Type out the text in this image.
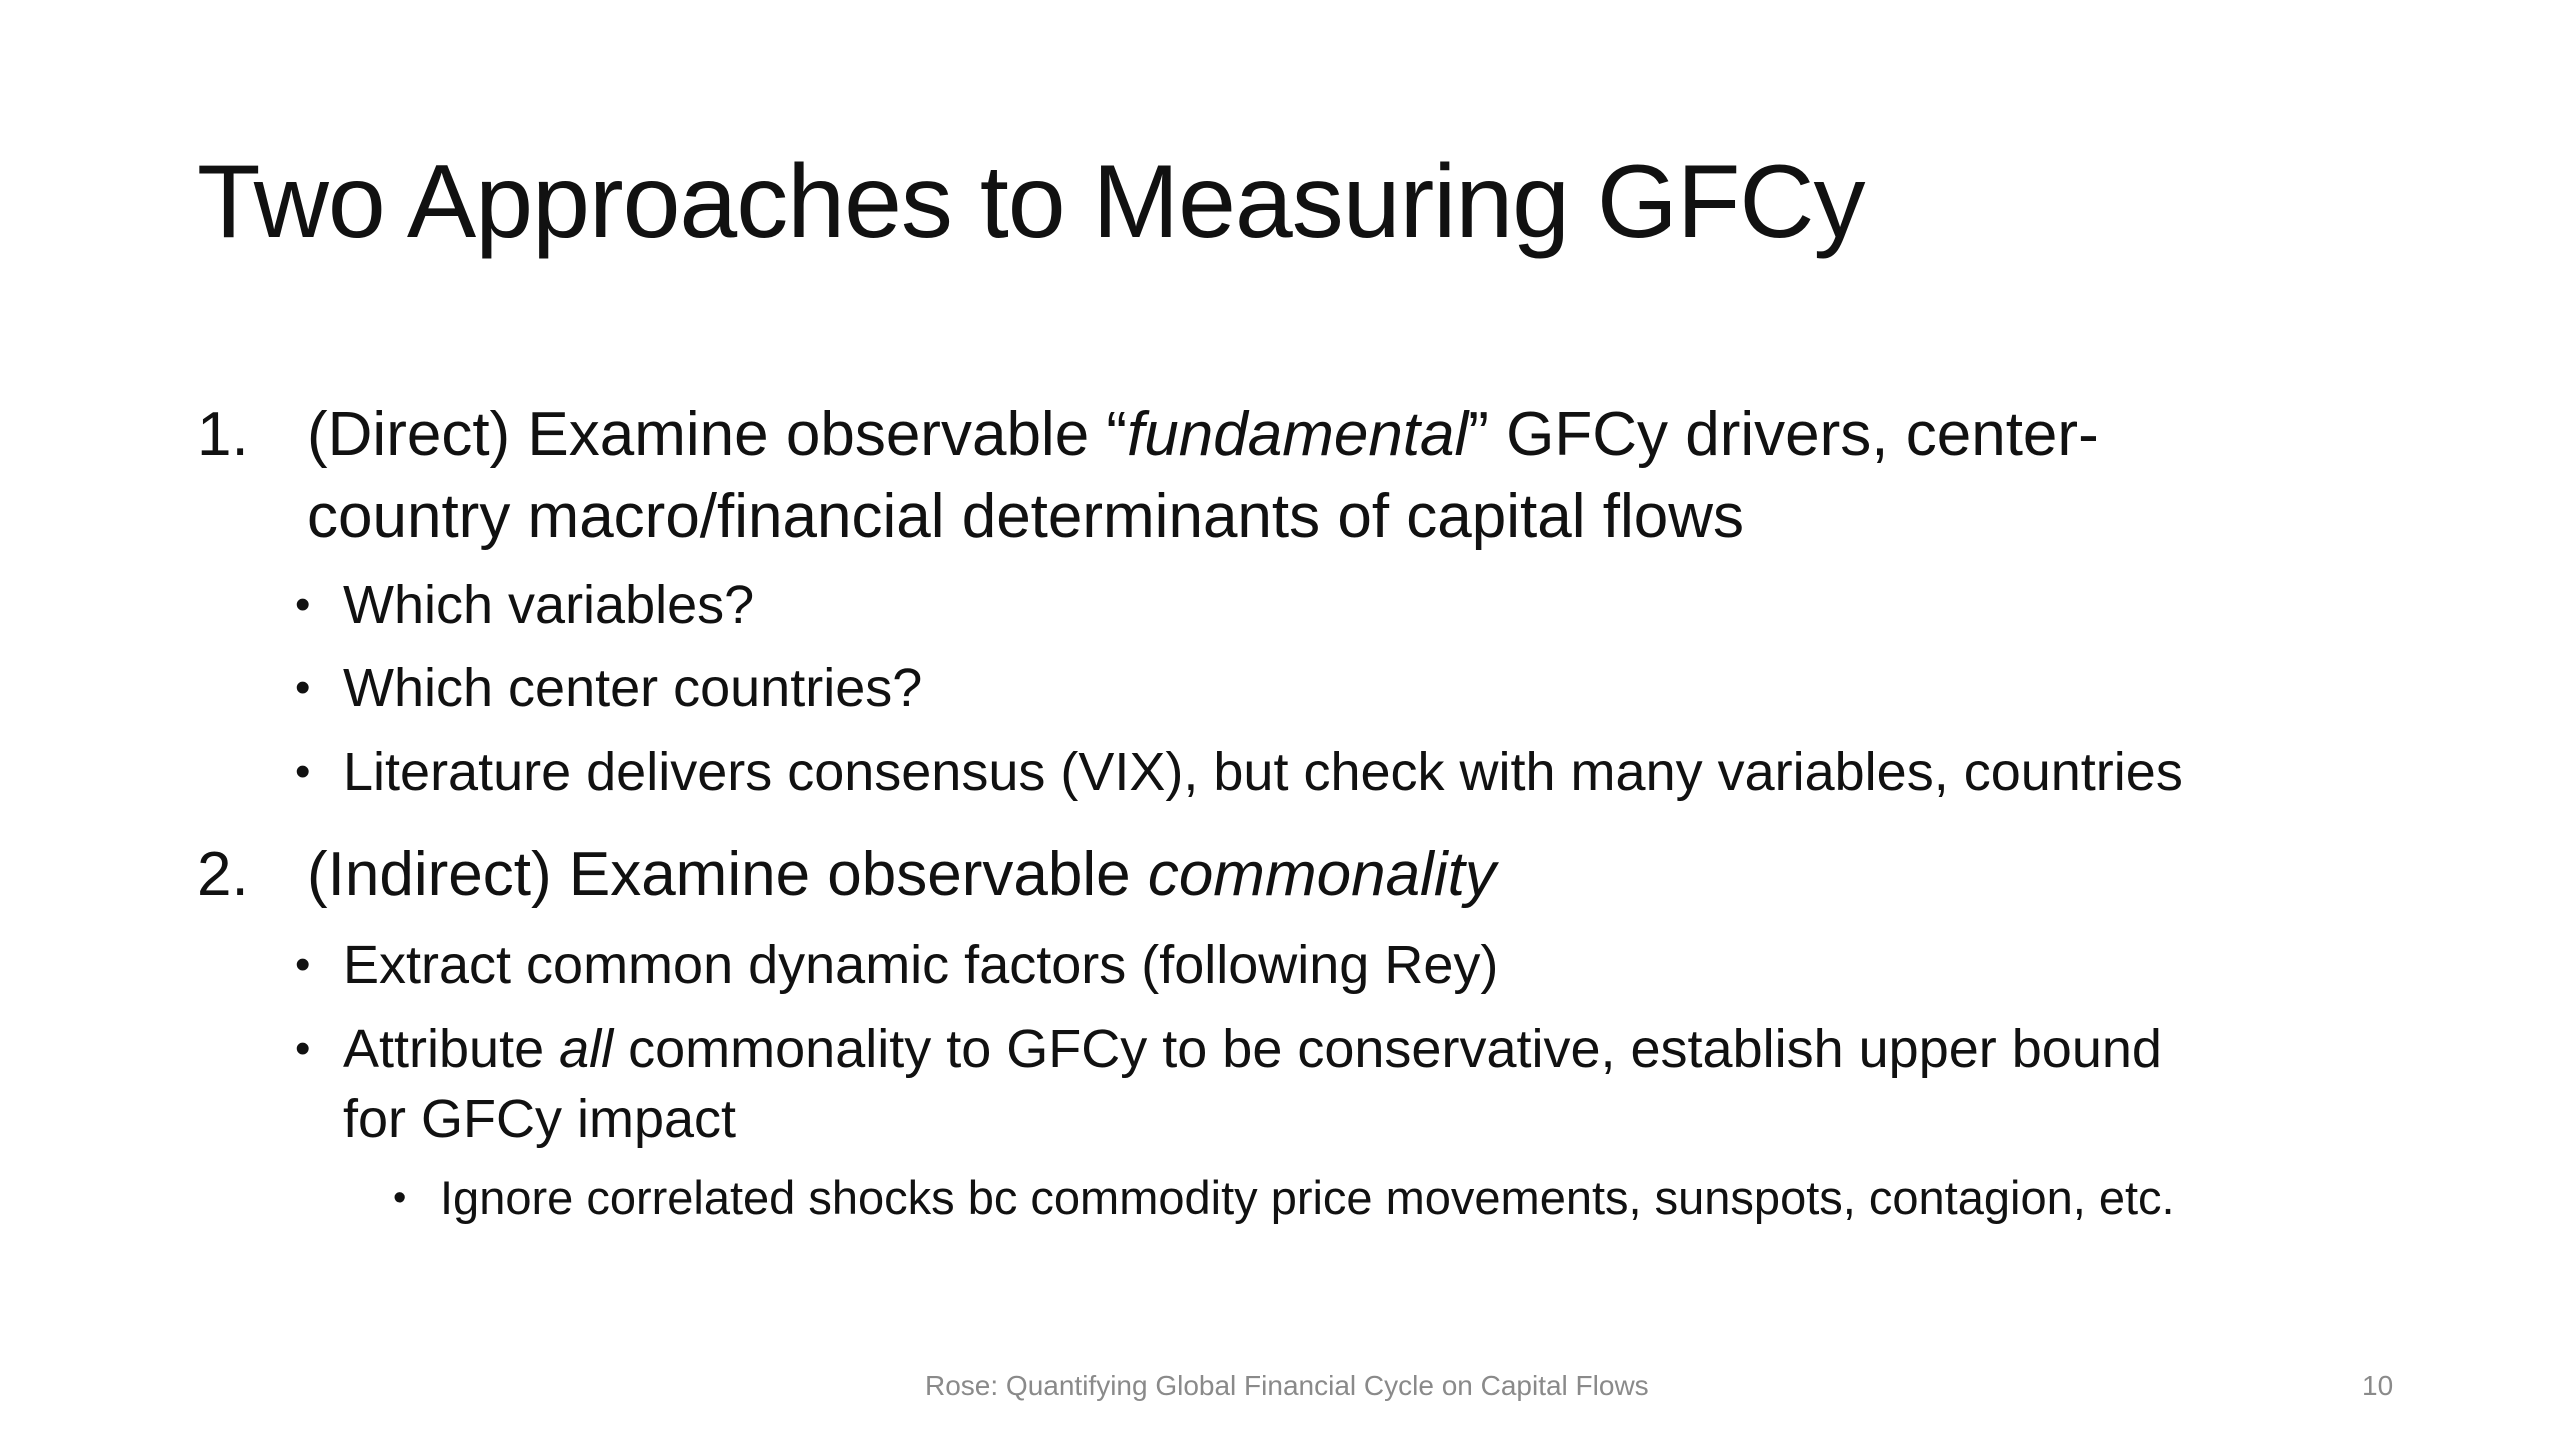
Two Approaches to Measuring GFCy
1. (Direct) Examine observable “fundamental” GFCy drivers, center-
country macro/financial determinants of capital flows
• Which variables?
• Which center countries?
• Literature delivers consensus (VIX), but check with many variables, countries
2. (Indirect) Examine observable commonality
• Extract common dynamic factors (following Rey)
• Attribute all commonality to GFCy to be conservative, establish upper bound
for GFCy impact
• Ignore correlated shocks bc commodity price movements, sunspots, contagion, etc.
Rose: Quantifying Global Financial Cycle on Capital Flows	10
